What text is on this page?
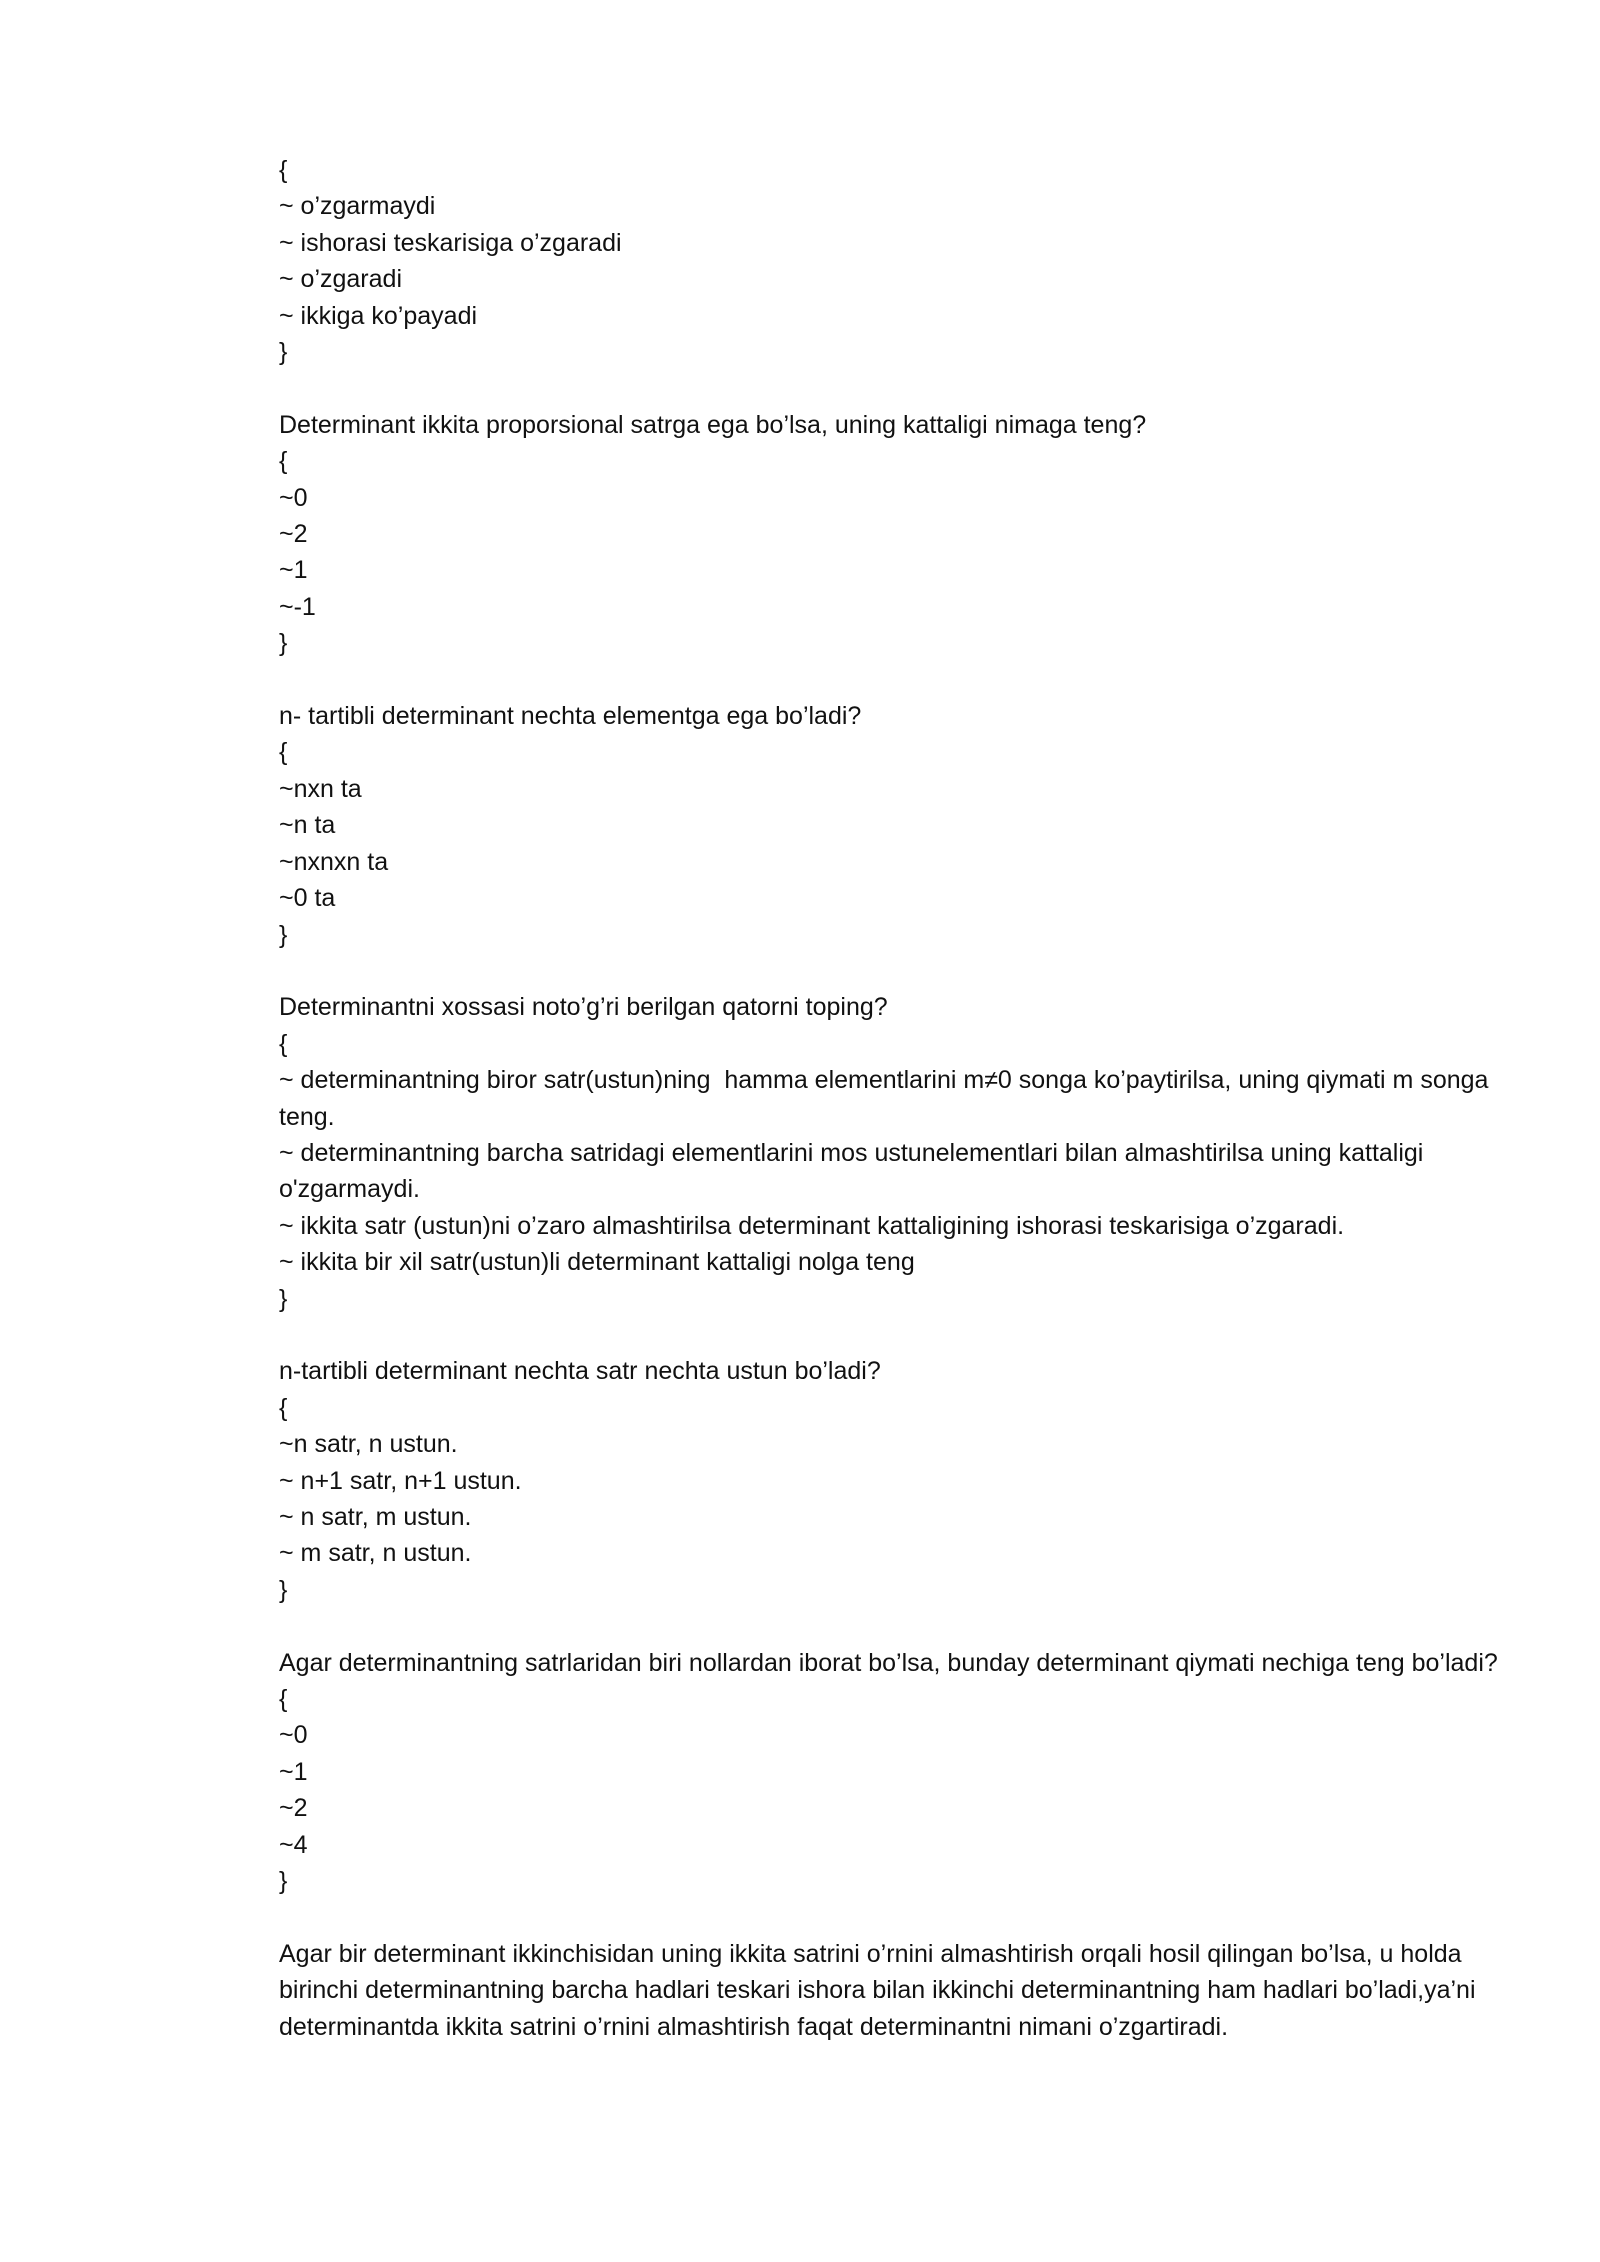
{
~ o’zgarmaydi
~ ishorasi teskarisiga o’zgaradi
~ o’zgaradi
~ ikkiga ko’payadi
}
Determinant ikkita proporsional satrga ega bo’lsa, uning kattaligi nimaga teng?
{
~0
~2
~1
~-1
}
n- tartibli determinant nechta elementga ega bo’ladi?
{
~nxn ta
~n ta
~nxnxn ta
~0 ta
}
Determinantni xossasi noto’g’ri berilgan qatorni toping?
{
~ determinantning biror satr(ustun)ning  hamma elementlarini m≠0 songa ko’paytirilsa, uning qiymati m songa teng.
~ determinantning barcha satridagi elementlarini mos ustunelementlari bilan almashtirilsa uning kattaligi o'zgarmaydi.
~ ikkita satr (ustun)ni o’zaro almashtirilsa determinant kattaligining ishorasi teskarisiga o’zgaradi.
~ ikkita bir xil satr(ustun)li determinant kattaligi nolga teng
}
n-tartibli determinant nechta satr nechta ustun bo’ladi?
{
~n satr, n ustun.
~ n+1 satr, n+1 ustun.
~ n satr, m ustun.
~ m satr, n ustun.
}
Agar determinantning satrlaridan biri nollardan iborat bo’lsa, bunday determinant qiymati nechiga teng bo’ladi?
{
~0
~1
~2
~4
}
Agar bir determinant ikkinchisidan uning ikkita satrini o’rnini almashtirish orqali hosil qilingan bo’lsa, u holda birinchi determinantning barcha hadlari teskari ishora bilan ikkinchi determinantning ham hadlari bo’ladi,ya’ni determinantda ikkita satrini o’rnini almashtirish faqat determinantni nimani o’zgartiradi.
